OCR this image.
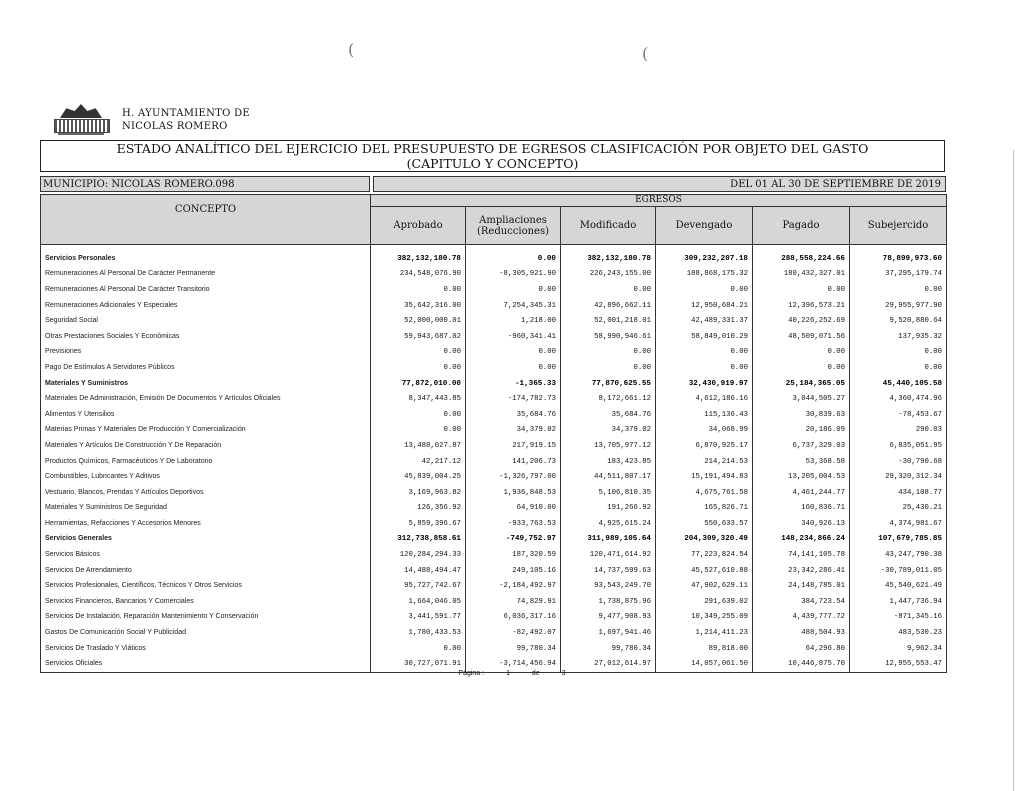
(	(
H. AYUNTAMIENTO DE
NICOLAS ROMERO
ESTADO ANALÍTICO DEL EJERCICIO DEL PRESUPUESTO DE EGRESOS CLASIFICACIÓN POR OBJETO DEL GASTO
(CAPITULO Y CONCEPTO)
MUNICIPIO: NICOLAS ROMERO.098	DEL 01 AL 30 DE SEPTIEMBRE DE 2019
CONCEPTO	EGRESOS					
	Aprobado	Ampliaciones
(Reducciones)	Modificado	Devengado	Pagado	Subejercido
Servicios Personales	382,132,180.78	0.00	382,132,180.78	309,232,207.18	288,558,224.66	78,899,973.60
Remuneraciones Al Personal De Carácter Permanente	234,548,076.90	-8,305,921.90	226,243,155.00	188,868,175.32	180,432,327.01	37,295,179.74
Remuneraciones Al Personal De Carácter Transitorio	0.00	0.00	0.00	0.00	0.00	0.00
Remuneraciones Adicionales Y Especiales	35,642,316.00	7,254,345.31	42,896,662.11	12,950,684.21	12,396,573.21	29,955,977.90
Seguridad Social	52,000,000.01	1,218.00	52,001,218.01	42,489,331.37	40,226,252.69	9,520,880.64
Otras Prestaciones Sociales Y Económicas	59,943,687.02	-960,341.41	58,990,946.61	58,849,010.29	48,509,071.56	137,935.32
Previsiones	0.00	0.00	0.00	0.00	0.00	0.00
Pago De Estímulos A Servidores Públicos	0.00	0.00	0.00	0.00	0.00	0.00
Materiales Y Suministros	77,872,010.00	-1,365.33	77,870,625.55	32,430,919.97	25,184,365.05	45,440,105.58
Materiales De Administración, Emisión De Documentos Y Artículos Oficiales	8,347,443.85	-174,782.73	8,172,661.12	4,612,186.16	3,044,505.27	4,360,474.96
Alimentos Y Utensilios	0.00	35,684.76	35,684.76	115,136.43	30,839.63	-78,453.67
Materias Primas Y Materiales De Producción Y Comercialización	0.00	34,379.02	34,379.02	34,068.99	20,186.09	290.03
Materiales Y Artículos De Construcción Y De Reparación	13,488,027.87	217,919.15	13,705,977.12	6,870,925.17	6,737,329.03	6,835,051.95
Productos Químicos, Farmacéuticos Y De Laboratorio	42,217.12	141,206.73	183,423.85	214,214.53	53,368.58	-30,790.68
Combustibles, Lubricantes Y Aditivos	45,839,004.25	-1,326,797.00	44,511,807.17	15,191,494.83	13,205,004.53	29,320,312.34
Vestuario, Blancos, Prendas Y Artículos Deportivos	3,169,963.82	1,936,848.53	5,106,810.35	4,675,761.58	4,461,244.77	434,108.77
Materiales Y Suministros De Seguridad	126,356.92	64,910.00	191,266.92	165,826.71	160,836.71	25,430.21
Herramientas, Refacciones Y Accesorios Menores	5,859,396.67	-933,763.53	4,925,615.24	550,633.57	340,926.13	4,374,981.67
Servicios Generales	312,738,858.61	-749,752.97	311,989,105.64	204,309,320.49	148,234,866.24	107,679,785.85
Servicios Básicos	120,284,294.33	187,320.59	120,471,614.92	77,223,824.54	74,141,105.78	43,247,790.38
Servicios De Arrendamiento	14,488,494.47	249,105.16	14,737,599.63	45,527,610.88	23,342,286.41	-30,789,011.05
Servicios Profesionales, Científicos, Técnicos Y Otros Servicios	95,727,742.67	-2,184,492.97	93,543,249.70	47,902,629.11	24,148,785.01	45,540,621.49
Servicios Financieros, Bancarios Y Comerciales	1,664,046.05	74,829.91	1,738,875.96	291,639.02	384,723.54	1,447,736.94
Servicios De Instalación, Reparación Mantenimiento Y Conservación	3,441,591.77	6,036,317.16	9,477,908.93	10,349,255.09	4,439,777.72	-871,345.16
Gastos De Comunicación Social Y Publicidad	1,780,433.53	-82,492.07	1,697,941.46	1,214,411.23	488,504.93	483,530.23
Servicios De Traslado Y Viáticos	0.00	99,780.34	99,780.34	89,818.00	64,296.80	9,962.34
Servicios Oficiales	30,727,071.91	-3,714,456.94	27,012,614.97	14,057,061.50	10,446,875.70	12,955,553.47
Página :	1	de	3
